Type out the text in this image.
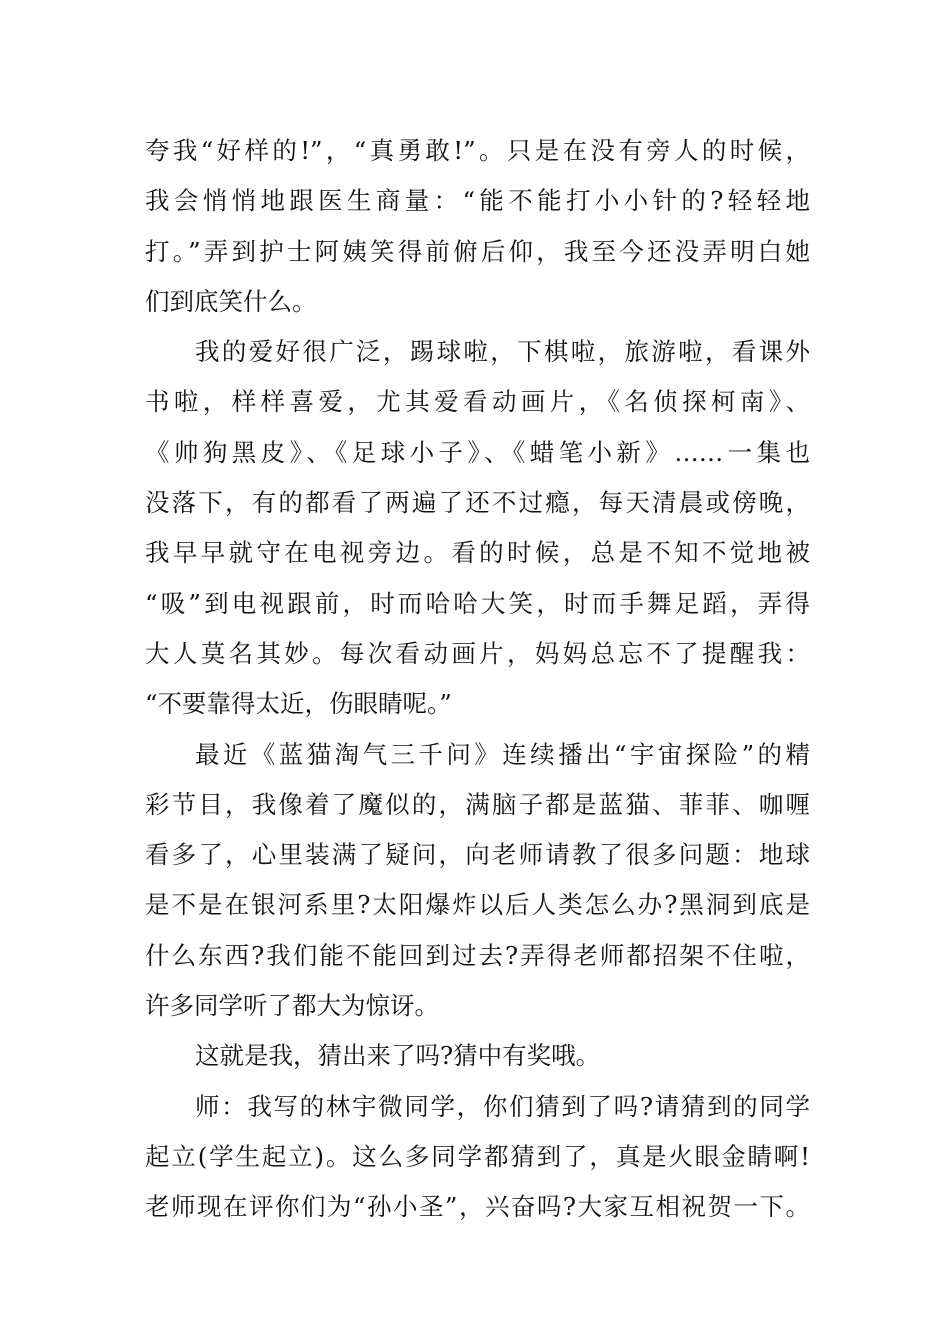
夸我“好样的!”，“真勇敢!”。只是在没有旁人的时候，
我会悄悄地跟医生商量：“能不能打小小针的?轻轻地
打。”弄到护士阿姨笑得前俯后仰，我至今还没弄明白她
们到底笑什么。
我的爱好很广泛，踢球啦，下棋啦，旅游啦，看课外
书啦，样样喜爱，尤其爱看动画片，《名侦探柯南》、
《帅狗黑皮》、《足球小子》、《蜡笔小新》……一集也
没落下，有的都看了两遍了还不过瘾，每天清晨或傍晚，
我早早就守在电视旁边。看的时候，总是不知不觉地被
“吸”到电视跟前，时而哈哈大笑，时而手舞足蹈，弄得
大人莫名其妙。每次看动画片，妈妈总忘不了提醒我：
“不要靠得太近，伤眼睛呢。”
最近《蓝猫淘气三千问》连续播出“宇宙探险”的精
彩节目，我像着了魔似的，满脑子都是蓝猫、菲菲、咖喱
看多了，心里装满了疑问，向老师请教了很多问题：地球
是不是在银河系里?太阳爆炸以后人类怎么办?黑洞到底是
什么东西?我们能不能回到过去?弄得老师都招架不住啦，
许多同学听了都大为惊讶。
这就是我，猜出来了吗?猜中有奖哦。
师：我写的林宇微同学，你们猜到了吗?请猜到的同学
起立(学生起立)。这么多同学都猜到了，真是火眼金睛啊!
老师现在评你们为“孙小圣”，兴奋吗?大家互相祝贺一下。
